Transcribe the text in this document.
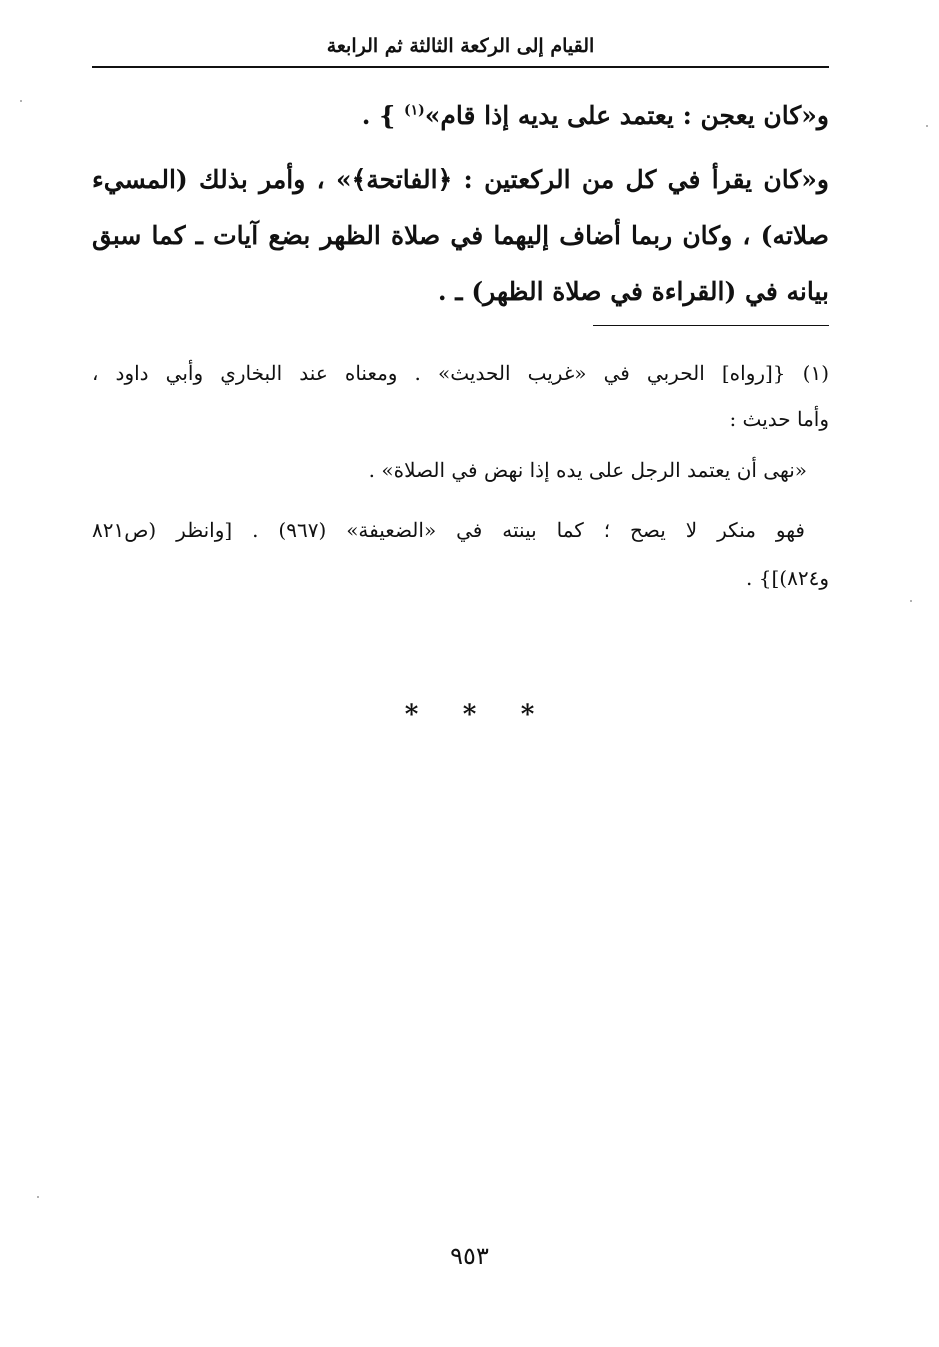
القيام إلى الركعة الثالثة ثم الرابعة
و«كان يعجن : يعتمد على يديه إذا قام»$^{(١)}$ } .
و«كان يقرأ في كل من الركعتين : ﴿الفاتحة﴾» ، وأمر بذلك (المسيء
صلاته) ، وكان ربما أضاف إليهما في صلاة الظهر بضع آيات ـ كما سبق
بيانه في (القراءة في صلاة الظهر) ـ .
(١) {[رواه] الحربي في «غريب الحديث» . ومعناه عند البخاري وأبي داود ،
وأما حديث :
«نهى أن يعتمد الرجل على يده إذا نهض في الصلاة» .
فهو منكر لا يصح ؛ كما بينته في «الضعيفة» (٩٦٧) . [وانظر (ص٨٢١
و٨٢٤)]} .
* * *
٩٥٣
